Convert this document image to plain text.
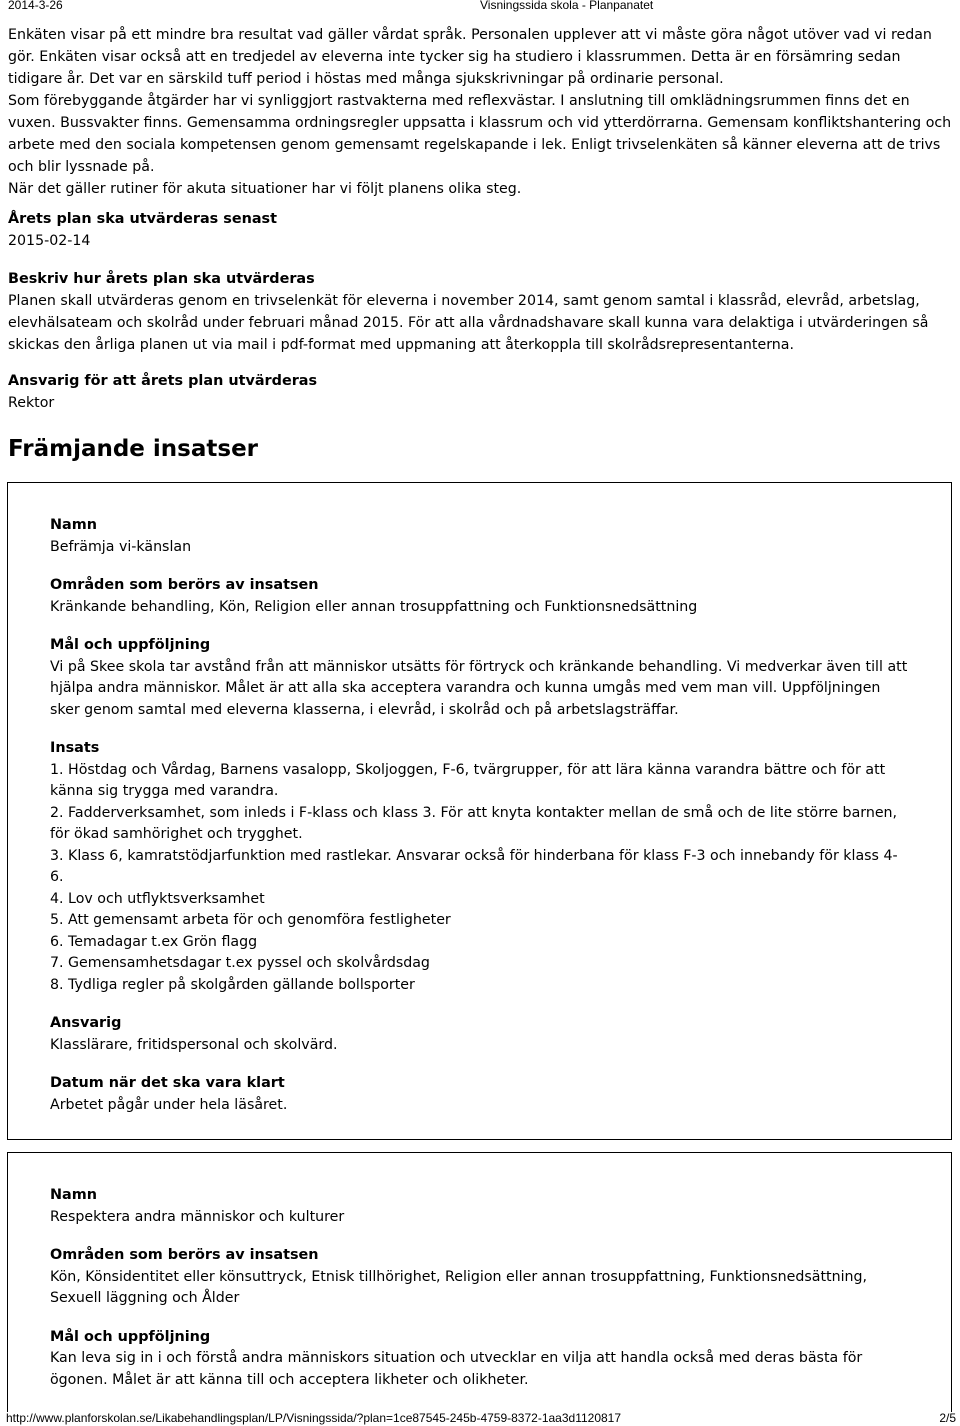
2014-3-26	Visningssida skola - Planpanatet

Enkäten visar på ett mindre bra resultat vad gäller vårdat språk. Personalen upplever att vi måste göra något utöver vad vi redan gör. Enkäten visar också att en tredjedel av eleverna inte tycker sig ha studiero i klassrummen. Detta är en försämring sedan tidigare år. Det var en särskild tuff period i höstas med många sjukskrivningar på ordinarie personal.

Som förebyggande åtgärder har vi synliggjort rastvakterna med reflexvästar. I anslutning till omklädningsrummen finns det en vuxen. Bussvakter finns. Gemensamma ordningsregler uppsatta i klassrum och vid ytterdörrarna. Gemensam konfliktshantering och arbete med den sociala kompetensen genom gemensamt regelskapande i lek. Enligt trivselenkäten så känner eleverna att de trivs och blir lyssnade på.

När det gäller rutiner för akuta situationer har vi följt planens olika steg.

Årets plan ska utvärderas senast

2015-02-14

Beskriv hur årets plan ska utvärderas

Planen skall utvärderas genom en trivselenkät för eleverna i november 2014, samt genom samtal i klassråd, elevråd, arbetslag, elevhälsateam och skolråd under februari månad 2015. För att alla vårdnadshavare skall kunna vara delaktiga i utvärderingen så skickas den årliga planen ut via mail i pdf-format med uppmaning att återkoppla till skolrådsrepresentanterna.

Ansvarig för att årets plan utvärderas

Rektor

Främjande insatser
Namn

Befrämja vi-känslan

Områden som berörs av insatsen

Kränkande behandling, Kön, Religion eller annan trosuppfattning och Funktionsnedsättning

Mål och uppföljning

Vi på Skee skola tar avstånd från att människor utsätts för förtryck och kränkande behandling. Vi medverkar även till att hjälpa andra människor. Målet är att alla ska acceptera varandra och kunna umgås med vem man vill. Uppföljningen sker genom samtal med eleverna klasserna, i elevråd, i skolråd och på arbetslagsträffar.

Insats
1. Höstdag och Vårdag, Barnens vasalopp, Skoljoggen, F-6, tvärgrupper, för att lära känna varandra bättre och för att känna sig trygga med varandra.
2. Fadderverksamhet, som inleds i F-klass och klass 3. För att knyta kontakter mellan de små och de lite större barnen, för ökad samhörighet och trygghet.
3. Klass 6, kamratstödjarfunktion med rastlekar. Ansvarar också för hinderbana för klass F-3 och innebandy för klass 4-6.
4. Lov och utflyktsverksamhet
5. Att gemensamt arbeta för och genomföra festligheter
6. Temadagar t.ex Grön flagg
7. Gemensamhetsdagar t.ex pyssel och skolvårdsdag
8. Tydliga regler på skolgården gällande bollsporter
Ansvarig

Klasslärare, fritidspersonal och skolvärd.

Datum när det ska vara klart

Arbetet pågår under hela läsåret.

Namn

Respektera andra människor och kulturer

Områden som berörs av insatsen

Kön, Könsidentitet eller könsuttryck, Etnisk tillhörighet, Religion eller annan trosuppfattning, Funktionsnedsättning, Sexuell läggning och Ålder

Mål och uppföljning

Kan leva sig in i och förstå andra människors situation och utvecklar en vilja att handla också med deras bästa för ögonen. Målet är att känna till och acceptera likheter och olikheter.

http://www.planforskolan.se/Likabehandlingsplan/LP/Visningssida/?plan=1ce87545-245b-4759-8372-1aa3d1120817	2/5
